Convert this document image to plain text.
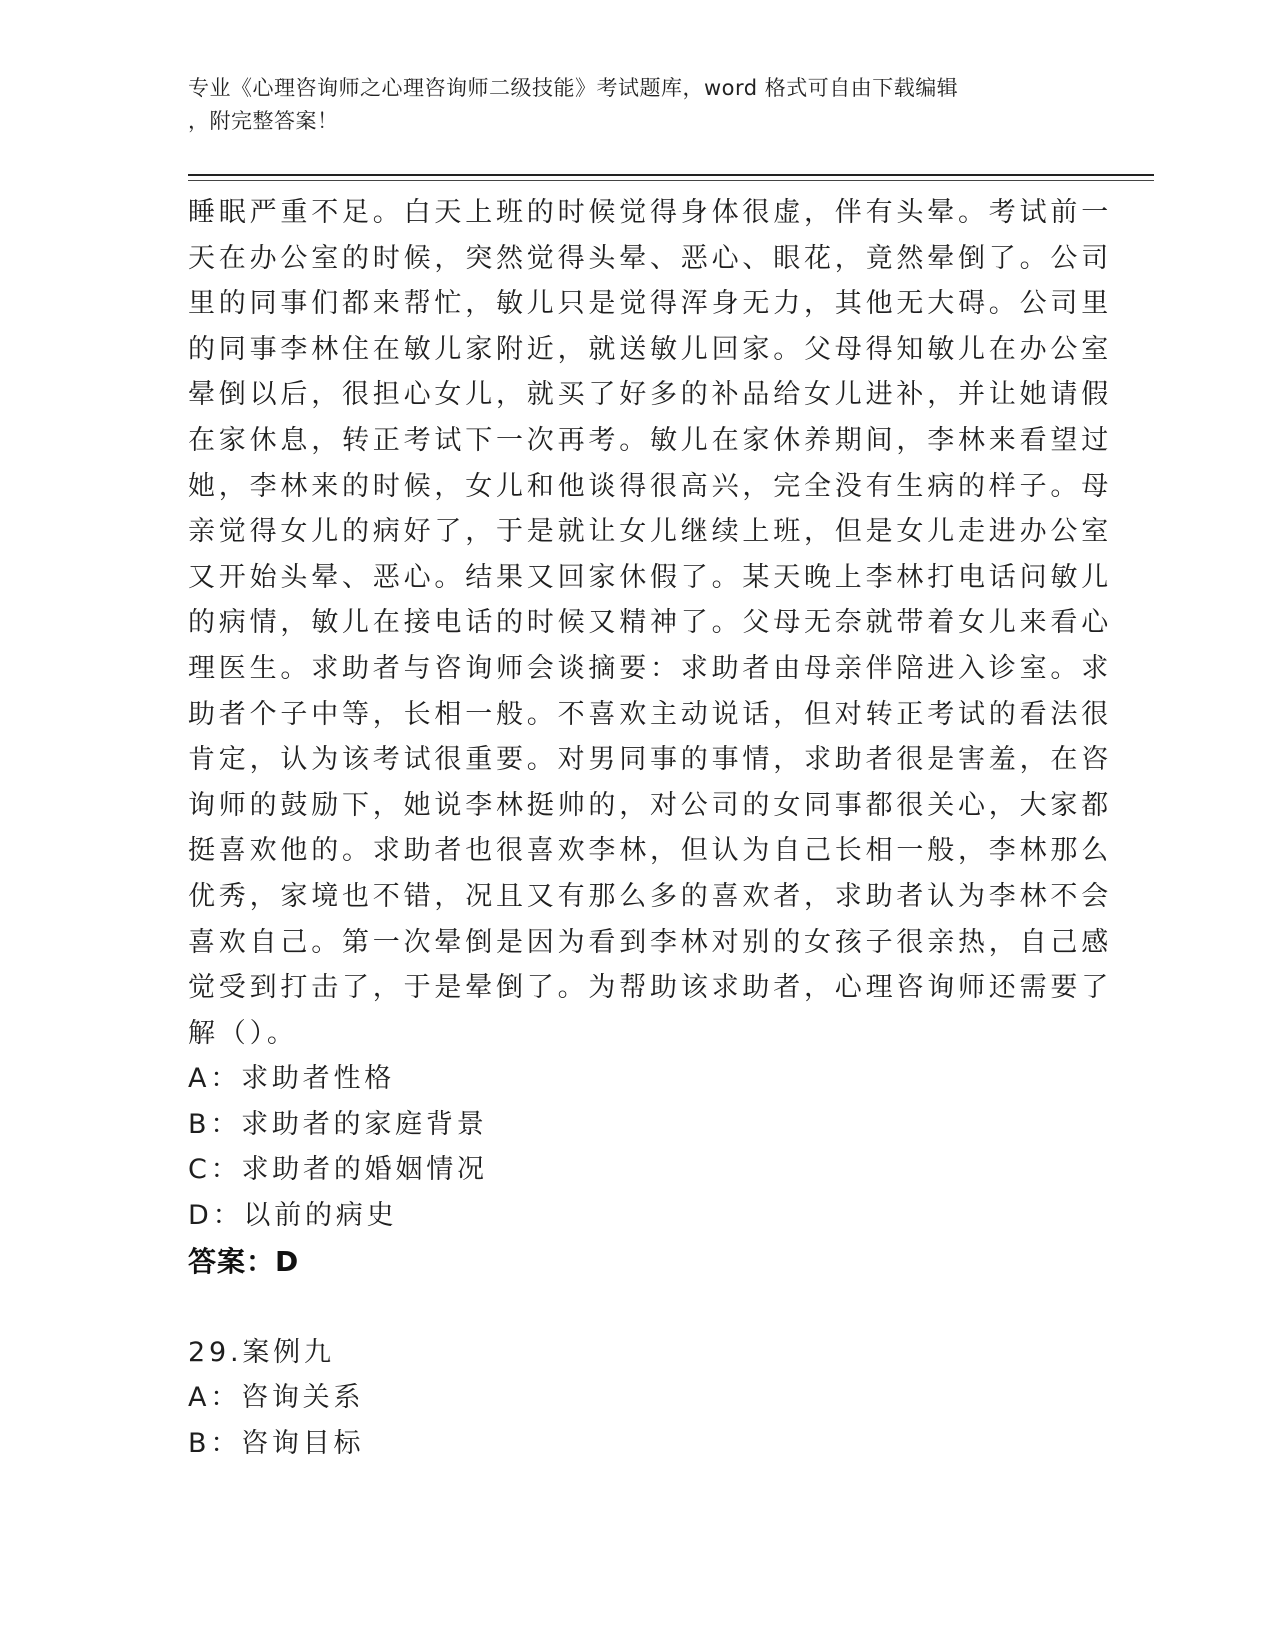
专业《心理咨询师之心理咨询师二级技能》考试题库，word 格式可自由下载编辑
，附完整答案！
睡眠严重不足。白天上班的时候觉得身体很虚，伴有头晕。考试前一
天在办公室的时候，突然觉得头晕、恶心、眼花，竟然晕倒了。公司
里的同事们都来帮忙，敏儿只是觉得浑身无力，其他无大碍。公司里
的同事李林住在敏儿家附近，就送敏儿回家。父母得知敏儿在办公室
晕倒以后，很担心女儿，就买了好多的补品给女儿进补，并让她请假
在家休息，转正考试下一次再考。敏儿在家休养期间，李林来看望过
她，李林来的时候，女儿和他谈得很高兴，完全没有生病的样子。母
亲觉得女儿的病好了，于是就让女儿继续上班，但是女儿走进办公室
又开始头晕、恶心。结果又回家休假了。某天晚上李林打电话问敏儿
的病情，敏儿在接电话的时候又精神了。父母无奈就带着女儿来看心
理医生。求助者与咨询师会谈摘要：求助者由母亲伴陪进入诊室。求
助者个子中等，长相一般。不喜欢主动说话，但对转正考试的看法很
肯定，认为该考试很重要。对男同事的事情，求助者很是害羞，在咨
询师的鼓励下，她说李林挺帅的，对公司的女同事都很关心，大家都
挺喜欢他的。求助者也很喜欢李林，但认为自己长相一般，李林那么
优秀，家境也不错，况且又有那么多的喜欢者，求助者认为李林不会
喜欢自己。第一次晕倒是因为看到李林对别的女孩子很亲热，自己感
觉受到打击了，于是晕倒了。为帮助该求助者，心理咨询师还需要了
解（）。
A：求助者性格
B：求助者的家庭背景
C：求助者的婚姻情况
D：以前的病史
答案：D
29.案例九
A：咨询关系
B：咨询目标
